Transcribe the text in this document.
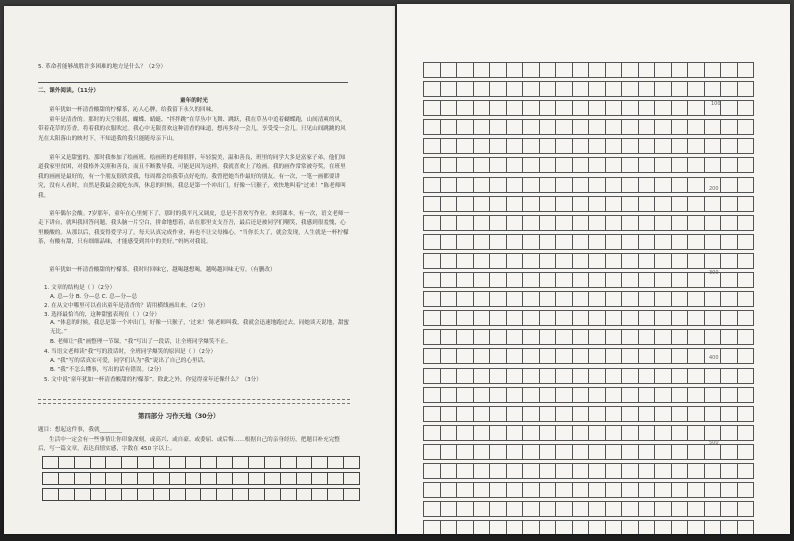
5. 革命者能够战胜许多困难的地方是什么？（2分）
二、课外阅读。（11分）
童年的时光
童年犹如一杯清香酸甜的柠檬茶，沁人心脾，给我留下永久的回味。
童年是清香的。那时的天空很蓝，蝴蝶、蜻蜓、“拌拌跳”在草丛中飞舞、跳跃，我在草丛中追着蝴蝶跑，山间清爽的风，带着花草的芳香，将着我的衣服吹过。我心中无限喜欢这种清香的味道，想再多待一会儿，享受受一会儿。只见山间跳跳的风光在太阳落山的映衬下，不知道我的我只能随母亲下山。
童年又是甜蜜的。那时我参加了绘画班。绘画班的老师很胖，年轻貌美，温和善良，班里的同学大多是富家子弟，他们知道我家里贫困，对我格外关照和善良，而且不断教导我，可能是因为这样，我就喜欢上了绘画。我的画作常常被夸奖，在班里我的画画是最好的，有一个朋友很欣赏我，每周都会给我带点好吃的。我曾把她当作最好的朋友。有一次，一笔一画都要讲究，没有人看时，自然是我最会就吃东西，休息的时候，我总是第一个冲出门，好像一只猴子，欢快地叫着“过来！”陈老师叫我。
童年偶尔会酸。7岁那年，童年在心里刻下了，那时的我平凡又调皮，总是不喜欢写作业。来到课本，有一次，语文老师一走下讲台，就叫我回答问题，我头脑一片空白，拼命地想着，站在那里支支吾吾，最后还是被同学们嘲笑，我感到很羞愧，心里酸酸的。从那以后，我变得爱学习了，每天认真完成作业，再也不让父母操心。“当你长大了，就会发现，人生就是一杯柠檬茶，有酸有甜，只有细细品味，才能感受到其中的美好。”妈妈对我说。
童年犹如一杯清香酸甜的柠檬茶。我时时回味它，越喝越想喝，越喝越回味无穷。（有删改）
1. 文章的结构是（ ）（2分）
A. 总—分 B. 分—总 C. 总—分—总
2. 在从文中哪里可以看出童年是清香的？请用横线画出来。（2分）
3. 选择最恰当的，这种甜蜜表现在（ ）（2分）
A. “体息的时候，我总是第一个冲出门，好像一只猴子，‘过来！’陈老师叫我，我就会迅速地跑过去，同她谈天说地，甜蜜无比。”
B. 老师让“我”画整理一节课，“我”写出了一段话，让全班同学爆笑不止。
4. 当语文老师读“我”写的段话时，全班同学爆笑的原因是（ ）（2分）
A. “我”写的话真实可爱，同学们认为“我”说出了自己的心里话。
B. “我”不怎么懂事，写出的话有错误。（2分）
5. 文中说“童年犹如一杯清香酸甜的柠檬茶”。除此之外，你觉得童年还像什么？（3分）
第四部分 习作天地（30分）
题目：想起这件事，我就________
生活中一定会有一些事情让你印象深刻，或高兴、或自豪、或委屈、或后悔……根据自己的亲身经历，把题目补充完整后，写一篇文章，表达真情实感，字数在 450 字以上。
100
200
300
400
500
